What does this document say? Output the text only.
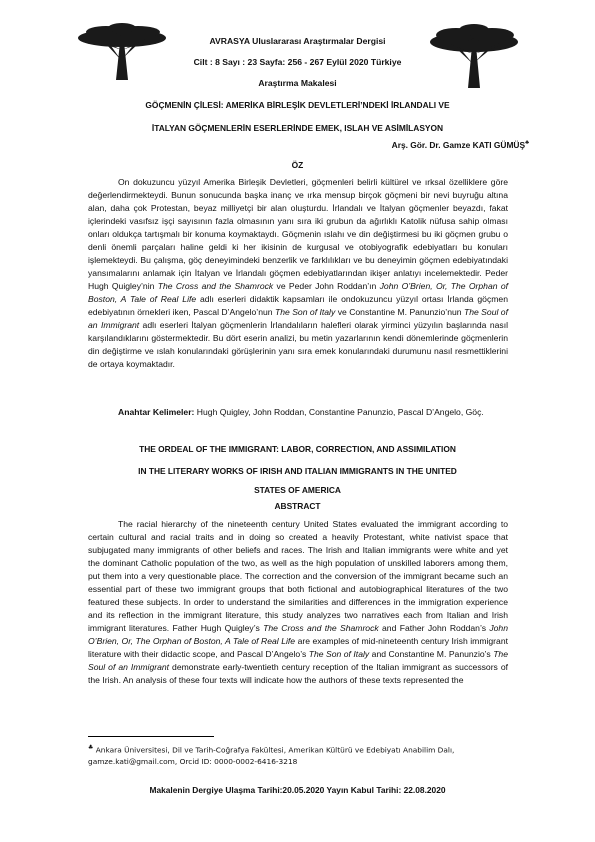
AVRASYA Uluslararası Araştırmalar Dergisi
Cilt : 8 Sayı : 23 Sayfa: 256 - 267 Eylül 2020 Türkiye
Araştırma Makalesi
GÖÇMENİN ÇİLESİ: AMERİKA BİRLEŞİK DEVLETLERİ’NDEKİ İRLANDALI VE
İTALYAN GÖÇMENLERİN ESERLERİNDE EMEK, ISLAH VE ASİMİLASYON
Arş. Gör. Dr. Gamze KATI GÜMÜŞ♣
ÖZ

On dokuzuncu yüzyıl Amerika Birleşik Devletleri, göçmenleri belirli kültürel ve ırksal özelliklere göre değerlendirmekteydi. Bunun sonucunda başka inanç ve ırka mensup birçok göçmeni bir nevi buyruğu altına alan, daha çok Protestan, beyaz milliyetçi bir alan oluşturdu. İrlandalı ve İtalyan göçmenler beyazdı, fakat içlerindeki vasıfsız işçi sayısının fazla olmasının yanı sıra iki grubun da ağırlıklı Katolik nüfusa sahip olması onları oldukça tartışmalı bir konuma koymaktaydı. Göçmenin ıslahı ve din değiştirmesi bu iki göçmen grubu o denli önemli parçaları haline geldi ki her ikisinin de kurgusal ve otobiyografik edebiyatları bu konuları işlemekteydi. Bu çalışma, göç deneyimindeki benzerlik ve farklılıkları ve bu deneyimin göçmen edebiyatındaki yansımalarını anlamak için İtalyan ve İrlandalı göçmen edebiyatlarından ikişer anlatıyı incelemektedir. Peder Hugh Quigley’nin The Cross and the Shamrock ve Peder John Roddan’ın John O’Brien, Or, The Orphan of Boston, A Tale of Real Life adlı eserleri didaktik kapsamları ile ondokuzuncu yüzyıl ortası İrlanda göçmen edebiyatının örnekleri iken, Pascal D’Angelo’nun The Son of Italy ve Constantine M. Panunzio’nun The Soul of an Immigrant adlı eserleri İtalyan göçmenlerin İrlandalıların halefleri olarak yirminci yüzyılın başlarında nasıl karşılandıklarını göstermektedir. Bu dört eserin analizi, bu metin yazarlarının kendi dönemlerinde göçmenlerin din değiştirme ve ıslah konularındaki görüşlerinin yanı sıra emek konularındaki durumunu nasıl resmettiklerini de ortaya koymaktadır.

Anahtar Kelimeler: Hugh Quigley, John Roddan, Constantine Panunzio, Pascal D’Angelo, Göç.

THE ORDEAL OF THE IMMIGRANT: LABOR, CORRECTION, AND ASSIMILATION
IN THE LITERARY WORKS OF IRISH AND ITALIAN IMMIGRANTS IN THE UNITED
STATES OF AMERICA
ABSTRACT

The racial hierarchy of the nineteenth century United States evaluated the immigrant according to certain cultural and racial traits and in doing so created a heavily Protestant, white nativist space that subjugated many immigrants of other beliefs and races. The Irish and Italian immigrants were white and yet the dominant Catholic population of the two, as well as the high population of unskilled laborers among them, put them into a very questionable place. The correction and the conversion of the immigrant became such an essential part of these two immigrant groups that both fictional and autobiographical literatures of the two featured these subjects. In order to understand the similarities and differences in the immigration experience and its reflection in the immigrant literature, this study analyzes two narratives each from Italian and Irish immigrant literatures. Father Hugh Quigley’s The Cross and the Shamrock and Father John Roddan’s John O’Brien, Or, The Orphan of Boston, A Tale of Real Life are examples of mid-nineteenth century Irish immigrant literature with their didactic scope, and Pascal D’Angelo’s The Son of Italy and Constantine M. Panunzio’s The Soul of an Immigrant demonstrate early-twentieth century reception of the Italian immigrant as successors of the Irish. An analysis of these four texts will indicate how the authors of these texts represented the

♣ Ankara Üniversitesi, Dil ve Tarih-Coğrafya Fakültesi, Amerikan Kültürü ve Edebiyatı Anabilim Dalı, gamze.kati@gmail.com, Orcid ID: 0000-0002-6416-3218
Makalenin Dergiye Ulaşma Tarihi:20.05.2020 Yayın Kabul Tarihi: 22.08.2020
